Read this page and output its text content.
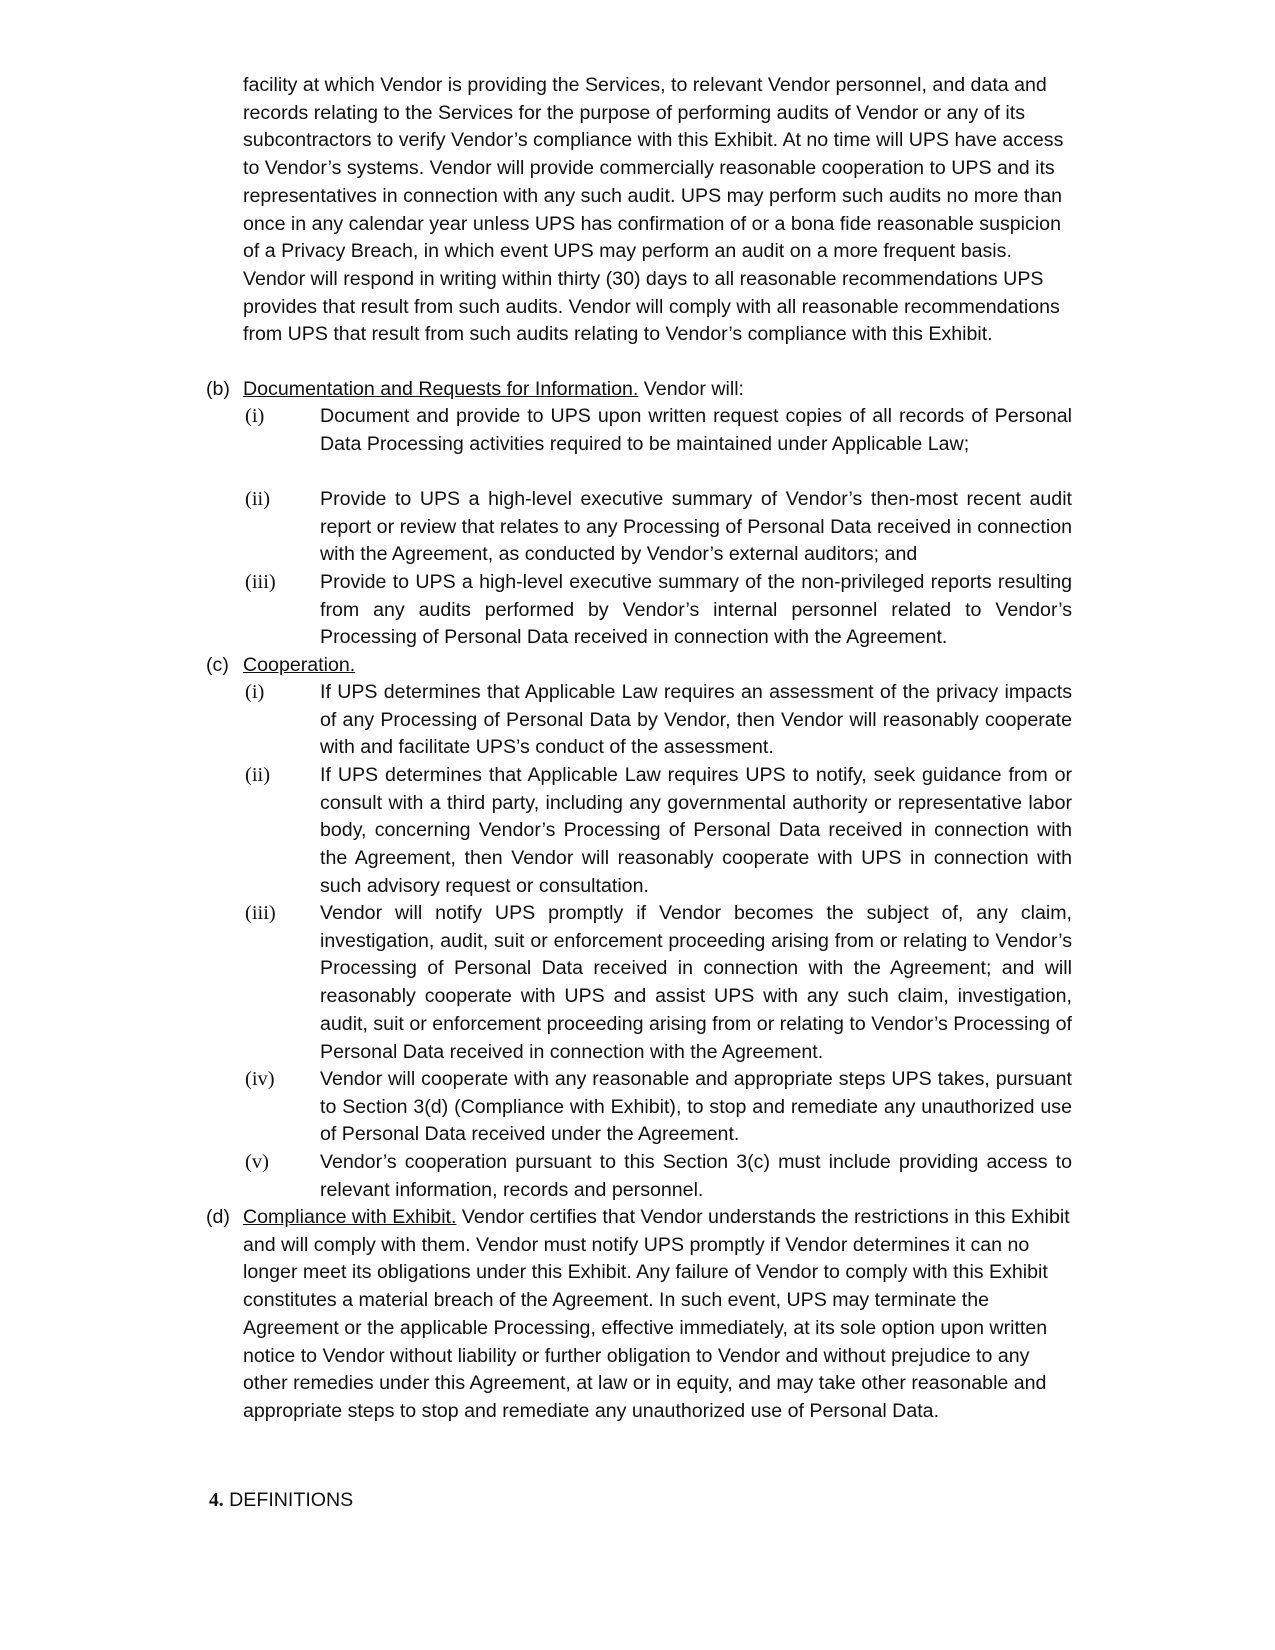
facility at which Vendor is providing the Services, to relevant Vendor personnel, and data and records relating to the Services for the purpose of performing audits of Vendor or any of its subcontractors to verify Vendor’s compliance with this Exhibit. At no time will UPS have access to Vendor’s systems. Vendor will provide commercially reasonable cooperation to UPS and its representatives in connection with any such audit. UPS may perform such audits no more than once in any calendar year unless UPS has confirmation of or a bona fide reasonable suspicion of a Privacy Breach, in which event UPS may perform an audit on a more frequent basis. Vendor will respond in writing within thirty (30) days to all reasonable recommendations UPS provides that result from such audits. Vendor will comply with all reasonable recommendations from UPS that result from such audits relating to Vendor’s compliance with this Exhibit.

(b) Documentation and Requests for Information. Vendor will:
(i)	Document and provide to UPS upon written request copies of all records of Personal Data Processing activities required to be maintained under Applicable Law;
(ii)	Provide to UPS a high-level executive summary of Vendor’s then-most recent audit report or review that relates to any Processing of Personal Data received in connection with the Agreement, as conducted by Vendor’s external auditors; and
(iii)	Provide to UPS a high-level executive summary of the non-privileged reports resulting from any audits performed by Vendor’s internal personnel related to Vendor’s Processing of Personal Data received in connection with the Agreement.
(c) Cooperation.
(i)	If UPS determines that Applicable Law requires an assessment of the privacy impacts of any Processing of Personal Data by Vendor, then Vendor will reasonably cooperate with and facilitate UPS’s conduct of the assessment.
(ii)	If UPS determines that Applicable Law requires UPS to notify, seek guidance from or consult with a third party, including any governmental authority or representative labor body, concerning Vendor’s Processing of Personal Data received in connection with the Agreement, then Vendor will reasonably cooperate with UPS in connection with such advisory request or consultation.
(iii)	Vendor will notify UPS promptly if Vendor becomes the subject of, any claim, investigation, audit, suit or enforcement proceeding arising from or relating to Vendor’s Processing of Personal Data received in connection with the Agreement; and will reasonably cooperate with UPS and assist UPS with any such claim, investigation, audit, suit or enforcement proceeding arising from or relating to Vendor’s Processing of Personal Data received in connection with the Agreement.
(iv)	Vendor will cooperate with any reasonable and appropriate steps UPS takes, pursuant to Section 3(d) (Compliance with Exhibit), to stop and remediate any unauthorized use of Personal Data received under the Agreement.
(v)	Vendor’s cooperation pursuant to this Section 3(c) must include providing access to relevant information, records and personnel.
(d) Compliance with Exhibit. Vendor certifies that Vendor understands the restrictions in this Exhibit and will comply with them. Vendor must notify UPS promptly if Vendor determines it can no longer meet its obligations under this Exhibit. Any failure of Vendor to comply with this Exhibit constitutes a material breach of the Agreement. In such event, UPS may terminate the Agreement or the applicable Processing, effective immediately, at its sole option upon written notice to Vendor without liability or further obligation to Vendor and without prejudice to any other remedies under this Agreement, at law or in equity, and may take other reasonable and appropriate steps to stop and remediate any unauthorized use of Personal Data.
4. DEFINITIONS
